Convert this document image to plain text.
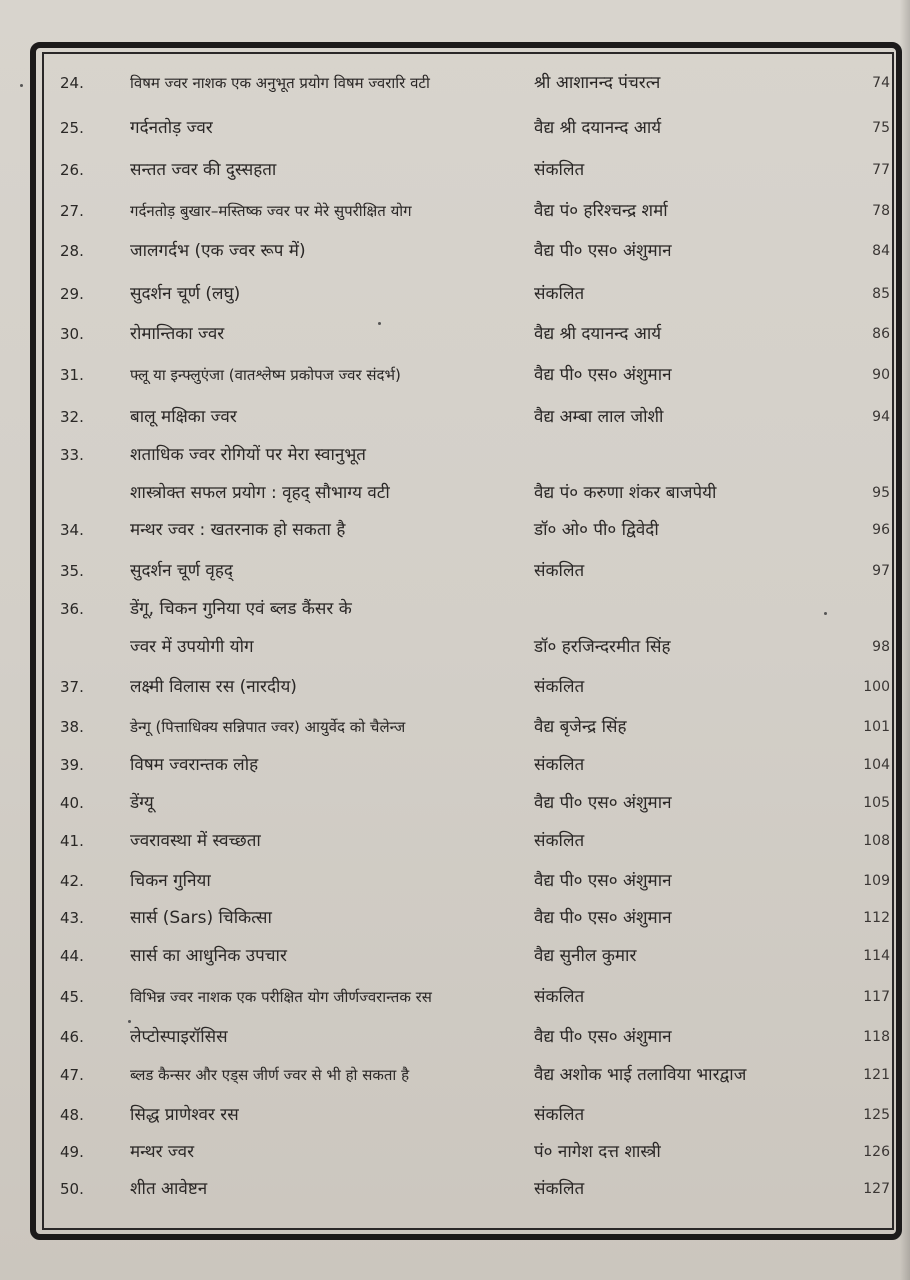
24.	विषम ज्वर नाशक एक अनुभूत प्रयोग विषम ज्वरारि वटी	श्री आशानन्द पंचरत्न	74
25.	गर्दनतोड़ ज्वर	वैद्य श्री दयानन्द आर्य	75
26.	सन्तत ज्वर की दुस्सहता	संकलित	77
27.	गर्दनतोड़ बुखार–मस्तिष्क ज्वर पर मेरे सुपरीक्षित योग	वैद्य पं० हरिश्चन्द्र शर्मा	78
28.	जालगर्दभ (एक ज्वर रूप में)	वैद्य पी० एस० अंशुमान	84
29.	सुदर्शन चूर्ण (लघु)	संकलित	85
30.	रोमान्तिका ज्वर	वैद्य श्री दयानन्द आर्य	86
31.	फ्लू या इन्फ्लुएंजा (वातश्लेष्म प्रकोपज ज्वर संदर्भ)	वैद्य पी० एस० अंशुमान	90
32.	बालू मक्षिका ज्वर	वैद्य अम्बा लाल जोशी	94
33.	शताधिक ज्वर रोगियों पर मेरा स्वानुभूत
शास्त्रोक्त सफल प्रयोग : वृहद् सौभाग्य वटी	वैद्य पं० करुणा शंकर बाजपेयी	95
34.	मन्थर ज्वर : खतरनाक हो सकता है	डॉ० ओ० पी० द्विवेदी	96
35.	सुदर्शन चूर्ण वृहद्	संकलित	97
36.	डेंगू, चिकन गुनिया एवं ब्लड कैंसर के
ज्वर में उपयोगी योग	डॉ० हरजिन्दरमीत सिंह	98
37.	लक्ष्मी विलास रस (नारदीय)	संकलित	100
38.	डेन्गू (पित्ताधिक्य सन्निपात ज्वर) आयुर्वेद को चैलेन्ज	वैद्य बृजेन्द्र सिंह	101
39.	विषम ज्वरान्तक लोह	संकलित	104
40.	डेंग्यू	वैद्य पी० एस० अंशुमान	105
41.	ज्वरावस्था में स्वच्छता	संकलित	108
42.	चिकन गुनिया	वैद्य पी० एस० अंशुमान	109
43.	सार्स (Sars) चिकित्सा	वैद्य पी० एस० अंशुमान	112
44.	सार्स का आधुनिक उपचार	वैद्य सुनील कुमार	114
45.	विभिन्न ज्वर नाशक एक परीक्षित योग जीर्णज्वरान्तक रस	संकलित	117
46.	लेप्टोस्पाइरॉसिस	वैद्य पी० एस० अंशुमान	118
47.	ब्लड कैन्सर और एड्स जीर्ण ज्वर से भी हो सकता है	वैद्य अशोक भाई तलाविया भारद्वाज	121
48.	सिद्ध प्राणेश्वर रस	संकलित	125
49.	मन्थर ज्वर	पं० नागेश दत्त शास्त्री	126
50.	शीत आवेष्टन	संकलित	127
